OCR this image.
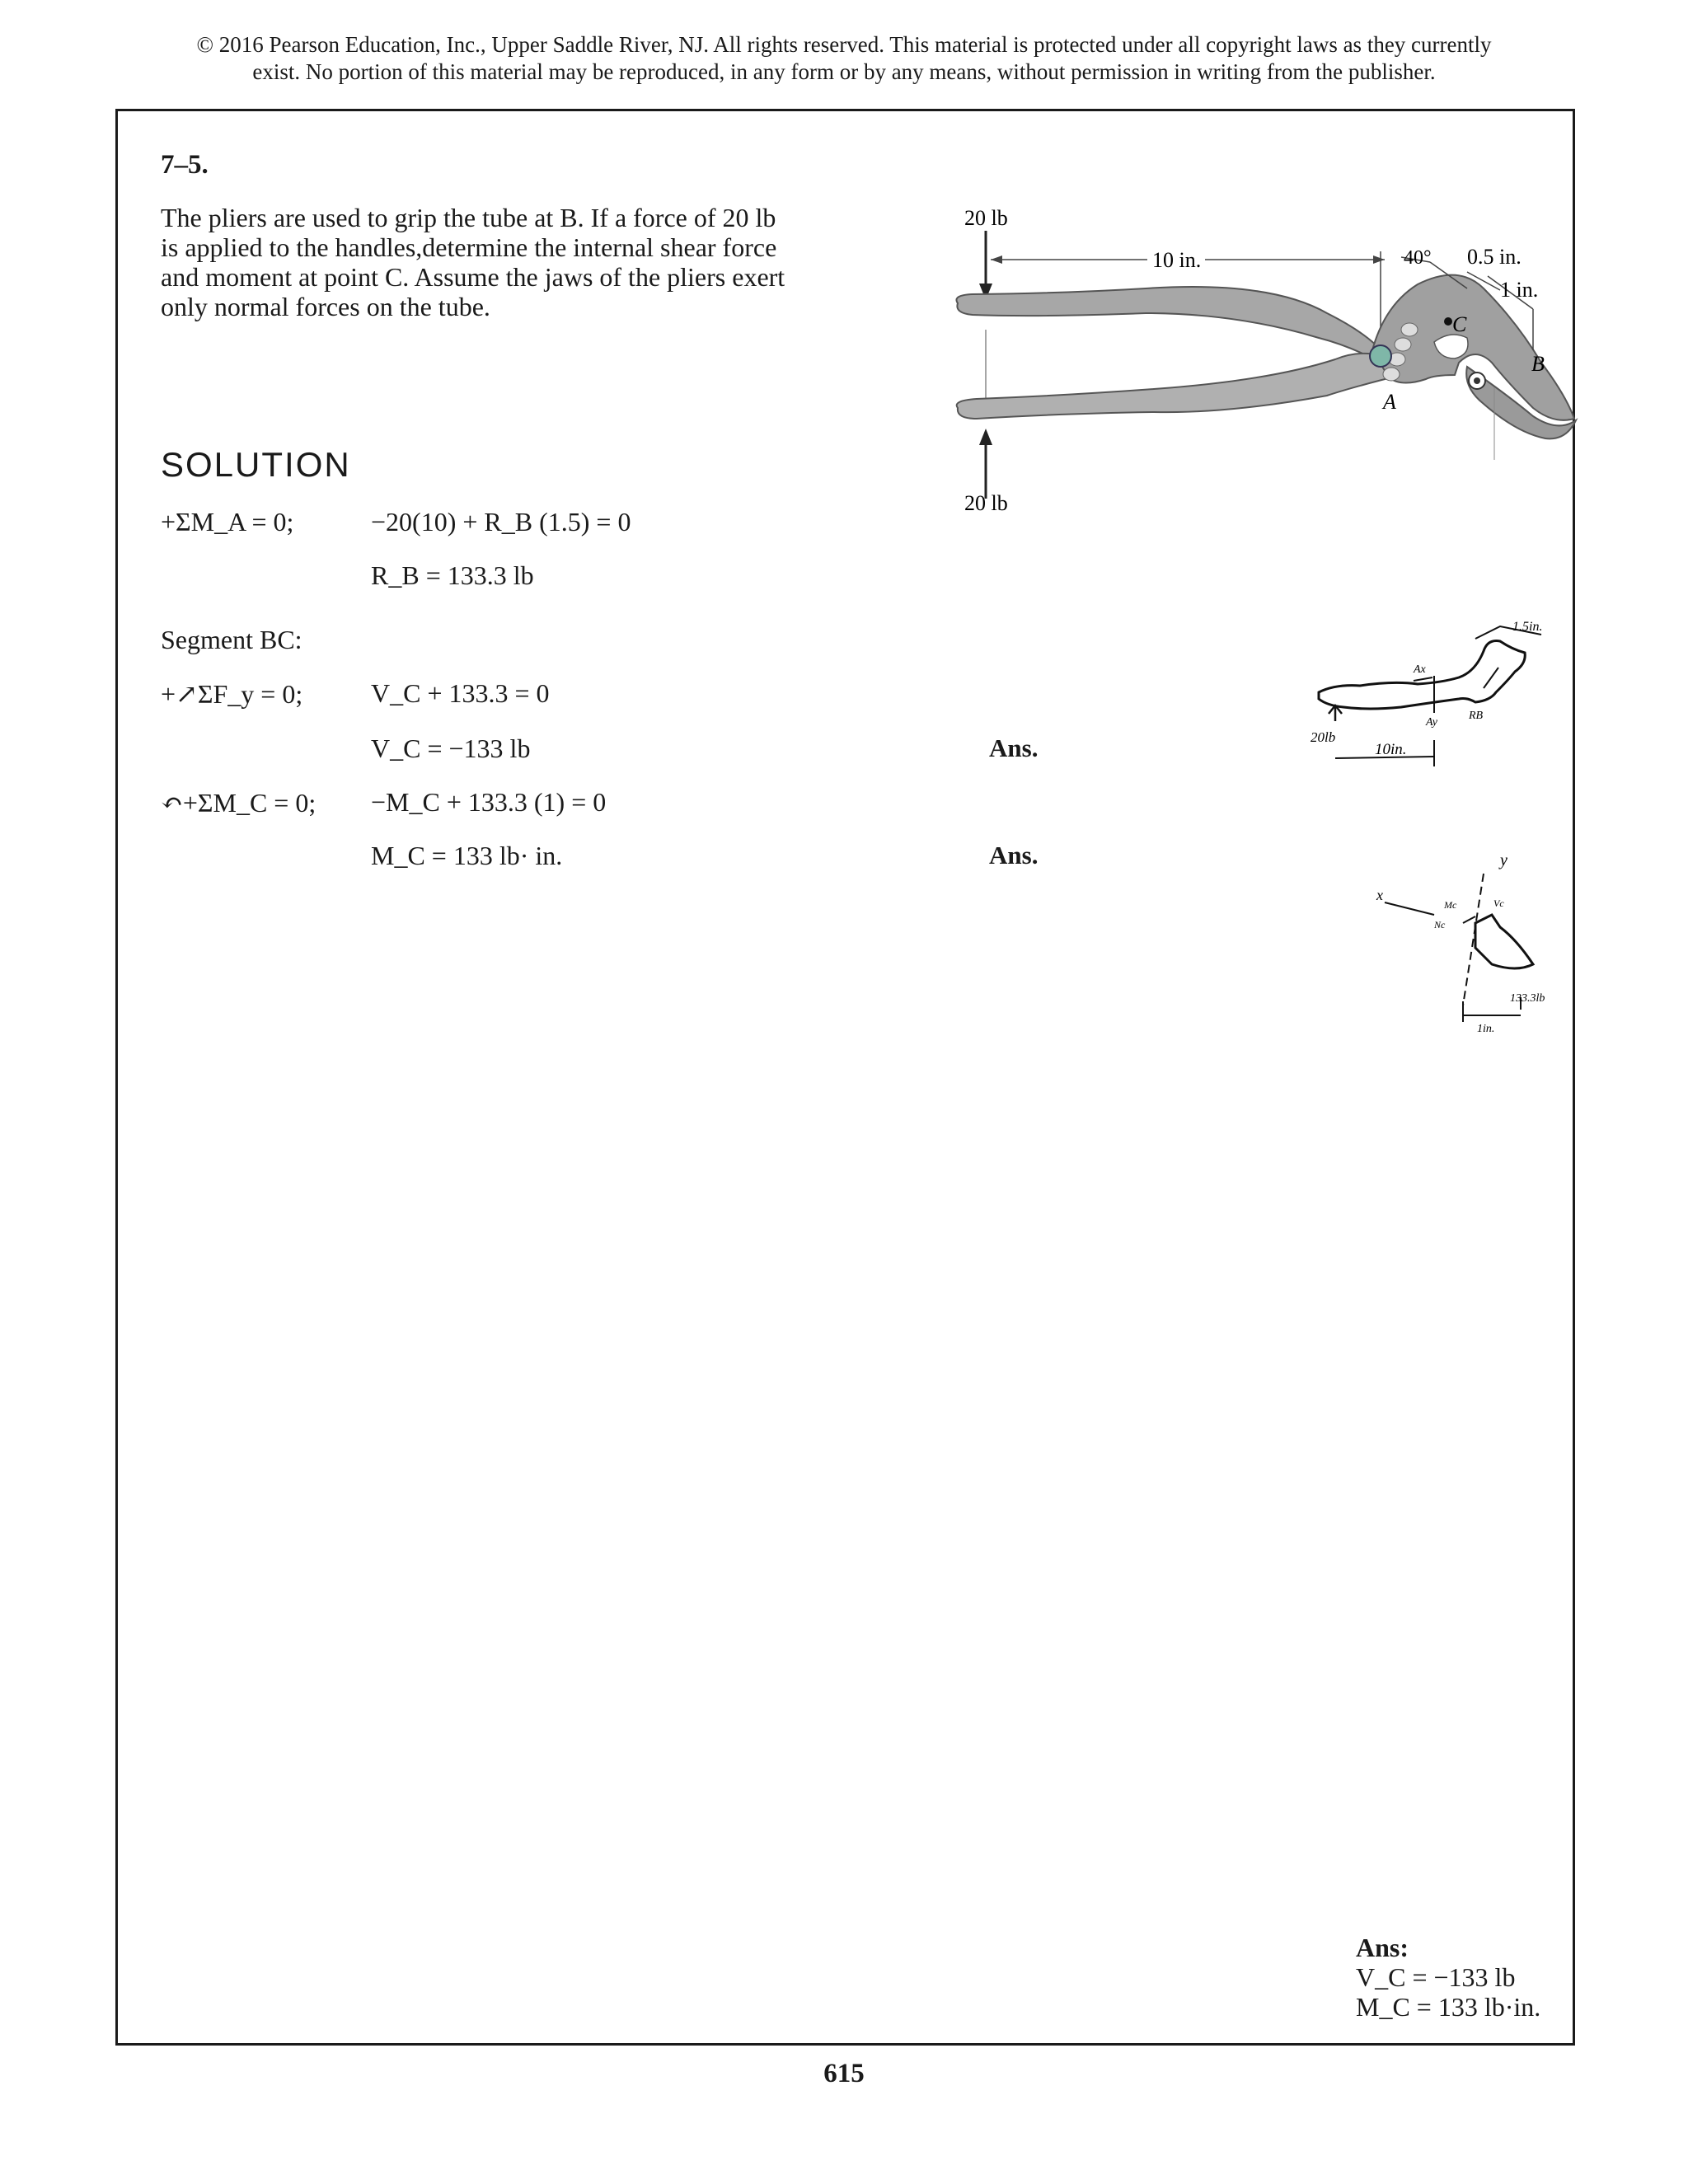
© 2016 Pearson Education, Inc., Upper Saddle River, NJ. All rights reserved. This material is protected under all copyright laws as they currently
exist. No portion of this material may be reproduced, in any form or by any means, without permission in writing from the publisher.
7–5.
The pliers are used to grip the tube at B. If a force of 20 lb
is applied to the handles,determine the internal shear force
and moment at point C. Assume the jaws of the pliers exert
only normal forces on the tube.
20 lb
20 lb
10 in.	40° 0.5 in.
1 in.
C
B
A
20lb
10in.
1.5in.
Ax
Ay
RB
x
y
Mc
Nc
Vc
133.3lb
1in.
SOLUTION
+ΣM_A = 0;	−20(10) + R_B (1.5) = 0
R_B = 133.3 lb
Segment BC:
+↗ΣF_y = 0;	V_C + 133.3 = 0
V_C = −133 lb	Ans.
↶+ΣM_C = 0; −M_C + 133.3 (1) = 0
M_C = 133 lb· in.	Ans.
Ans:
V_C = −133 lb
M_C = 133 lb·in.
615
